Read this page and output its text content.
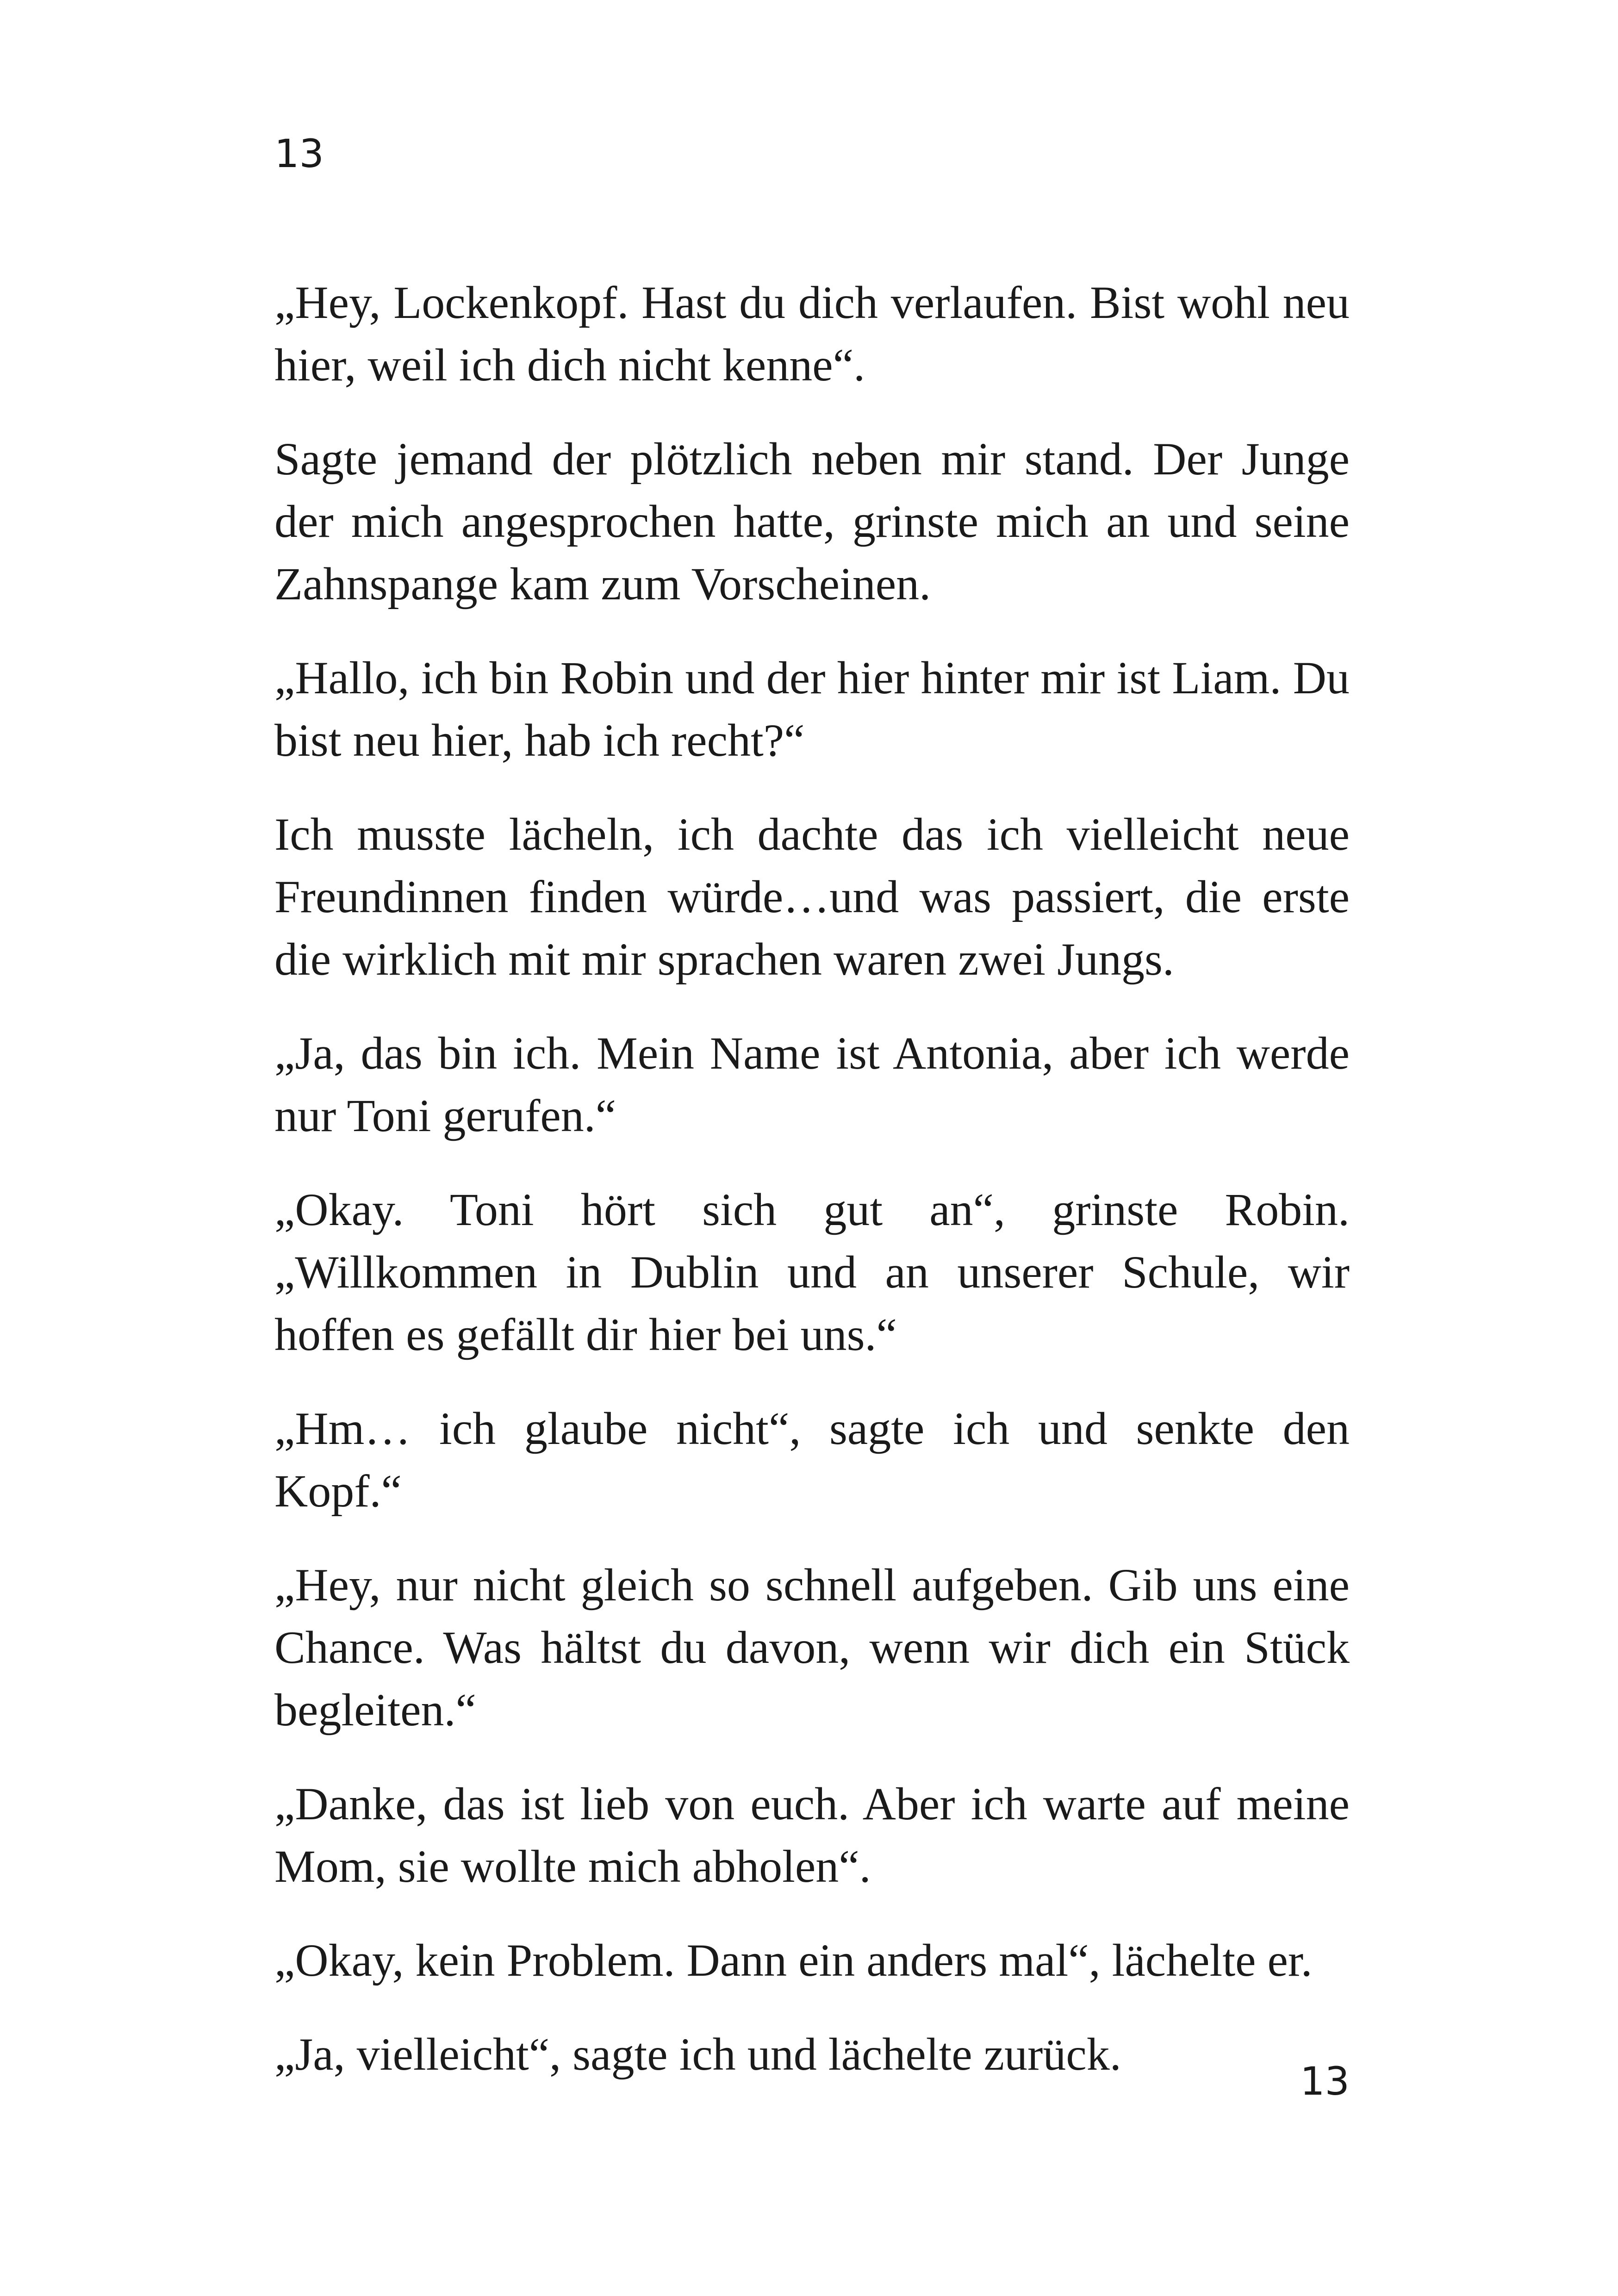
13

„Hey, Lockenkopf. Hast du dich verlaufen. Bist wohl neu hier, weil ich dich nicht kenne“.

Sagte jemand der plötzlich neben mir stand. Der Junge der mich angesprochen hatte, grinste mich an und seine Zahnspange kam zum Vorscheinen.

„Hallo, ich bin Robin und der hier hinter mir ist Liam. Du bist neu hier, hab ich recht?“

Ich musste lächeln, ich dachte das ich vielleicht neue Freundinnen finden würde…und was passiert, die erste die wirklich mit mir sprachen waren zwei Jungs.

„Ja, das bin ich. Mein Name ist Antonia, aber ich werde nur Toni gerufen.“

„Okay. Toni hört sich gut an“, grinste Robin. „Willkommen in Dublin und an unserer Schule, wir hoffen es gefällt dir hier bei uns.“

„Hm… ich glaube nicht“, sagte ich und senkte den Kopf.“

„Hey, nur nicht gleich so schnell aufgeben. Gib uns eine Chance. Was hältst du davon, wenn wir dich ein Stück begleiten.“

„Danke, das ist lieb von euch. Aber ich warte auf meine Mom, sie wollte mich abholen“.

„Okay, kein Problem. Dann ein anders mal“, lächelte er.

„Ja, vielleicht“, sagte ich und lächelte zurück.

13
